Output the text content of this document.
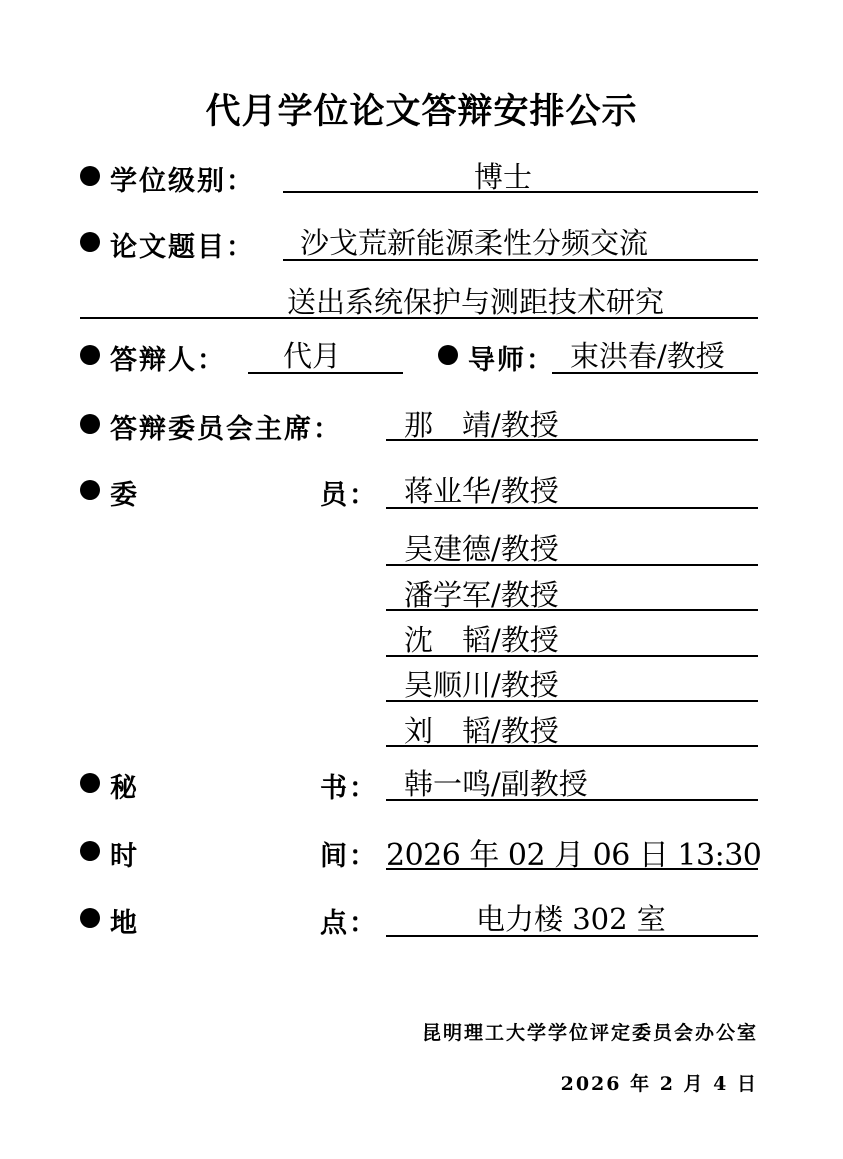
代月学位论文答辩安排公示
学位级别：	博士
论文题目： 沙戈荒新能源柔性分频交流
送出系统保护与测距技术研究
答辩人： 代月	导师： 束洪春/教授
答辩委员会主席： 那　靖/教授
委	员： 蒋业华/教授
吴建德/教授
潘学军/教授
沈　韬/教授
吴顺川/教授
刘　韬/教授
秘	书： 韩一鸣/副教授
时	间： 2026 年 02 月 06 日 13:30
地	点：	电力楼 302 室
昆明理工大学学位评定委员会办公室
2026 年 2 月 4 日
